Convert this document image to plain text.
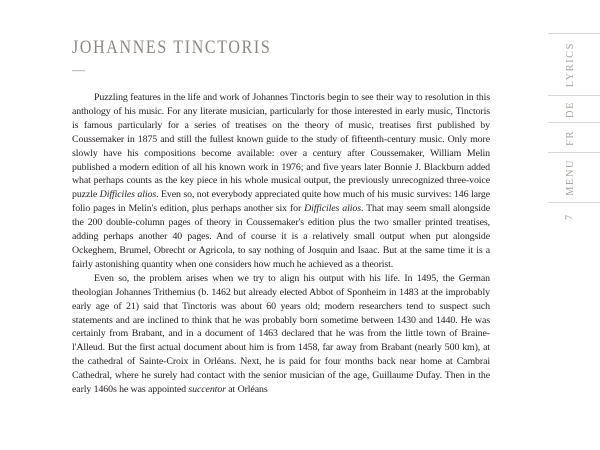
JOHANNES TINCTORIS
—

Puzzling features in the life and work of Johannes Tinctoris begin to see their way to resolution in this anthology of his music. For any literate musician, particularly for those interested in early music, Tinctoris is famous particularly for a series of treatises on the theory of music, treatises first published by Coussemaker in 1875 and still the fullest known guide to the study of fifteenth-century music. Only more slowly have his compositions become available: over a century after Coussemaker, William Melin published a modern edition of all his known work in 1976; and five years later Bonnie J. Blackburn added what perhaps counts as the key piece in his whole musical output, the previously unrecognized three-voice puzzle Difficiles alios. Even so, not everybody appreciated quite how much of his music survives: 146 large folio pages in Melin's edition, plus perhaps another six for Difficiles alios. That may seem small alongside the 200 double-column pages of theory in Coussemaker's edition plus the two smaller printed treatises, adding perhaps another 40 pages. And of course it is a relatively small output when put alongside Ockeghem, Brumel, Obrecht or Agricola, to say nothing of Josquin and Isaac. But at the same time it is a fairly astonishing quantity when one considers how much he achieved as a theorist.

Even so, the problem arises when we try to align his output with his life. In 1495, the German theologian Johannes Trithemius (b. 1462 but already elected Abbot of Sponheim in 1483 at the improbably early age of 21) said that Tinctoris was about 60 years old; modern researchers tend to suspect such statements and are inclined to think that he was probably born sometime between 1430 and 1440. He was certainly from Brabant, and in a document of 1463 declared that he was from the little town of Braine-l'Alleud. But the first actual document about him is from 1458, far away from Brabant (nearly 500 km), at the cathedral of Sainte-Croix in Orléans. Next, he is paid for four months back near home at Cambrai Cathedral, where he surely had contact with the senior musician of the age, Guillaume Dufay. Then in the early 1460s he was appointed succentor at Orléans

LYRICS
DE
FR
MENU
7
